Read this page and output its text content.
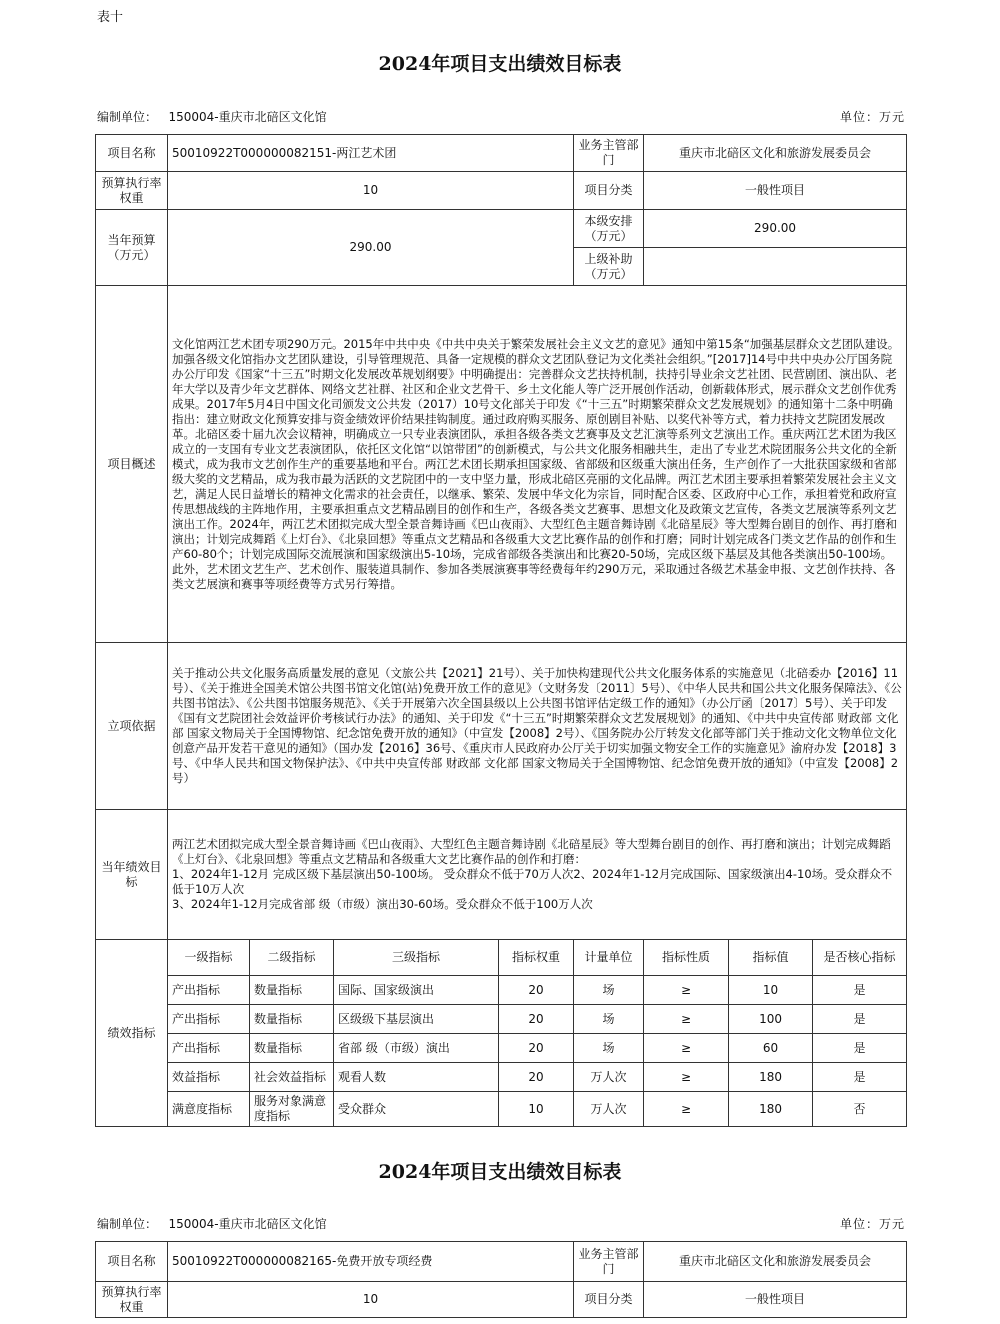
表十
2024年项目支出绩效目标表
编制单位： 150004-重庆市北碚区文化馆	单位：万元
项目名称	50010922T000000082151-两江艺术团				业务主管部门	重庆市北碚区文化和旅游发展委员会		
预算执行率权重	10				项目分类	一般性项目		
当年预算（万元）	290.00				本级安排（万元）	290.00		
					上级补助（万元）			
项目概述	文化馆两江艺术团专项290万元。2015年中共中央《中共中央关于繁荣发展社会主义文艺的意见》通知中第15条“加强基层群众文艺团队建设。加强各级文化馆指办文艺团队建设，引导管理规范、具备一定规模的群众文艺团队登记为文化类社会组织。”[2017]14号中共中央办公厅国务院办公厅印发《国家“十三五”时期文化发展改革规划纲要》中明确提出：完善群众文艺扶持机制，扶持引导业余文艺社团、民营剧团、演出队、老年大学以及青少年文艺群体、网络文艺社群、社区和企业文艺骨干、乡土文化能人等广泛开展创作活动，创新载体形式，展示群众文艺创作优秀成果。2017年5月4日中国文化司颁发文公共发（2017）10号文化部关于印发《“十三五”时期繁荣群众文艺发展规划》的通知第十二条中明确指出：建立财政文化预算安排与资金绩效评价结果挂钩制度。通过政府购买服务、原创剧目补贴、以奖代补等方式，着力扶持文艺院团发展改革。北碚区委十届九次会议精神，明确成立一只专业表演团队，承担各级各类文艺赛事及文艺汇演等系列文艺演出工作。重庆两江艺术团为我区成立的一支国有专业文艺表演团队，依托区文化馆“以馆带团”的创新模式，与公共文化服务相融共生，走出了专业艺术院团服务公共文化的全新模式，成为我市文艺创作生产的重要基地和平台。两江艺术团长期承担国家级、省部级和区级重大演出任务，生产创作了一大批获国家级和省部级大奖的文艺精品，成为我市最为活跃的文艺院团中的一支中坚力量，形成北碚区亮丽的文化品牌。两江艺术团主要承担着繁荣发展社会主义文艺，满足人民日益增长的精神文化需求的社会责任，以继承、繁荣、发展中华文化为宗旨，同时配合区委、区政府中心工作，承担着党和政府宣传思想战线的主阵地作用，主要承担重点文艺精品剧目的创作和生产，各级各类文艺赛事、思想文化及政策文艺宣传，各类文艺展演等系列文艺演出工作。2024年，两江艺术团拟完成大型全景音舞诗画《巴山夜雨》、大型红色主题音舞诗剧《北碚星辰》等大型舞台剧目的创作、再打磨和演出；计划完成舞蹈《上灯台》、《北泉回想》等重点文艺精品和各级重大文艺比赛作品的创作和打磨；同时计划完成各门类文艺作品的创作和生产60-80个；计划完成国际交流展演和国家级演出5-10场，完成省部级各类演出和比赛20-50场，完成区级下基层及其他各类演出50-100场。此外，艺术团文艺生产、艺术创作、服装道具制作、参加各类展演赛事等经费每年约290万元，采取通过各级艺术基金申报、文艺创作扶持、各类文艺展演和赛事等项经费等方式另行筹措。							
立项依据	关于推动公共文化服务高质量发展的意见（文旅公共【2021】21号）、关于加快构建现代公共文化服务体系的实施意见（北碚委办【2016】11号）、《关于推进全国美术馆公共图书馆文化馆(站)免费开放工作的意见》（文财务发〔2011〕5号）、《中华人民共和国公共文化服务保障法》、《公共图书馆法》、《公共图书馆服务规范》、《关于开展第六次全国县级以上公共图书馆评估定级工作的通知》（办公厅函〔2017〕5号）、关于印发《国有文艺院团社会效益评价考核试行办法》的通知、关于印发《“十三五”时期繁荣群众文艺发展规划》的通知、《中共中央宣传部 财政部 文化部 国家文物局关于全国博物馆、纪念馆免费开放的通知》（中宣发【2008】2号）、《国务院办公厅转发文化部等部门关于推动文化文物单位文化创意产品开发若干意见的通知》（国办发【2016】36号、《重庆市人民政府办公厅关于切实加强文物安全工作的实施意见》渝府办发【2018】3号、《中华人民共和国文物保护法》、《中共中央宣传部 财政部 文化部 国家文物局关于全国博物馆、纪念馆免费开放的通知》（中宣发【2008】2号）							
当年绩效目标	两江艺术团拟完成大型全景音舞诗画《巴山夜雨》、大型红色主题音舞诗剧《北碚星辰》等大型舞台剧目的创作、再打磨和演出；计划完成舞蹈《上灯台》、《北泉回想》等重点文艺精品和各级重大文艺比赛作品的创作和打磨：
1、2024年1-12月 完成区级下基层演出50-100场。 受众群众不低于70万人次2、2024年1-12月完成国际、国家级演出4-10场。受众群众不低于10万人次
3、2024年1-12月完成省部 级（市级）演出30-60场。受众群众不低于100万人次							

绩效指标	一级指标	二级指标	三级指标	指标权重	计量单位	指标性质	指标值	是否核心指标
	产出指标	数量指标	国际、国家级演出	20	场	≥	10	是
	产出指标	数量指标	区级级下基层演出	20	场	≥	100	是
	产出指标	数量指标	省部 级（市级）演出	20	场	≥	60	是
	效益指标	社会效益指标	观看人数	20	万人次	≥	180	是
	满意度指标	服务对象满意度指标	受众群众	10	万人次	≥	180	否
2024年项目支出绩效目标表
编制单位： 150004-重庆市北碚区文化馆	单位：万元
项目名称	50010922T000000082165-免费开放专项经费	业务主管部门	重庆市北碚区文化和旅游发展委员会
预算执行率权重	10	项目分类	一般性项目
